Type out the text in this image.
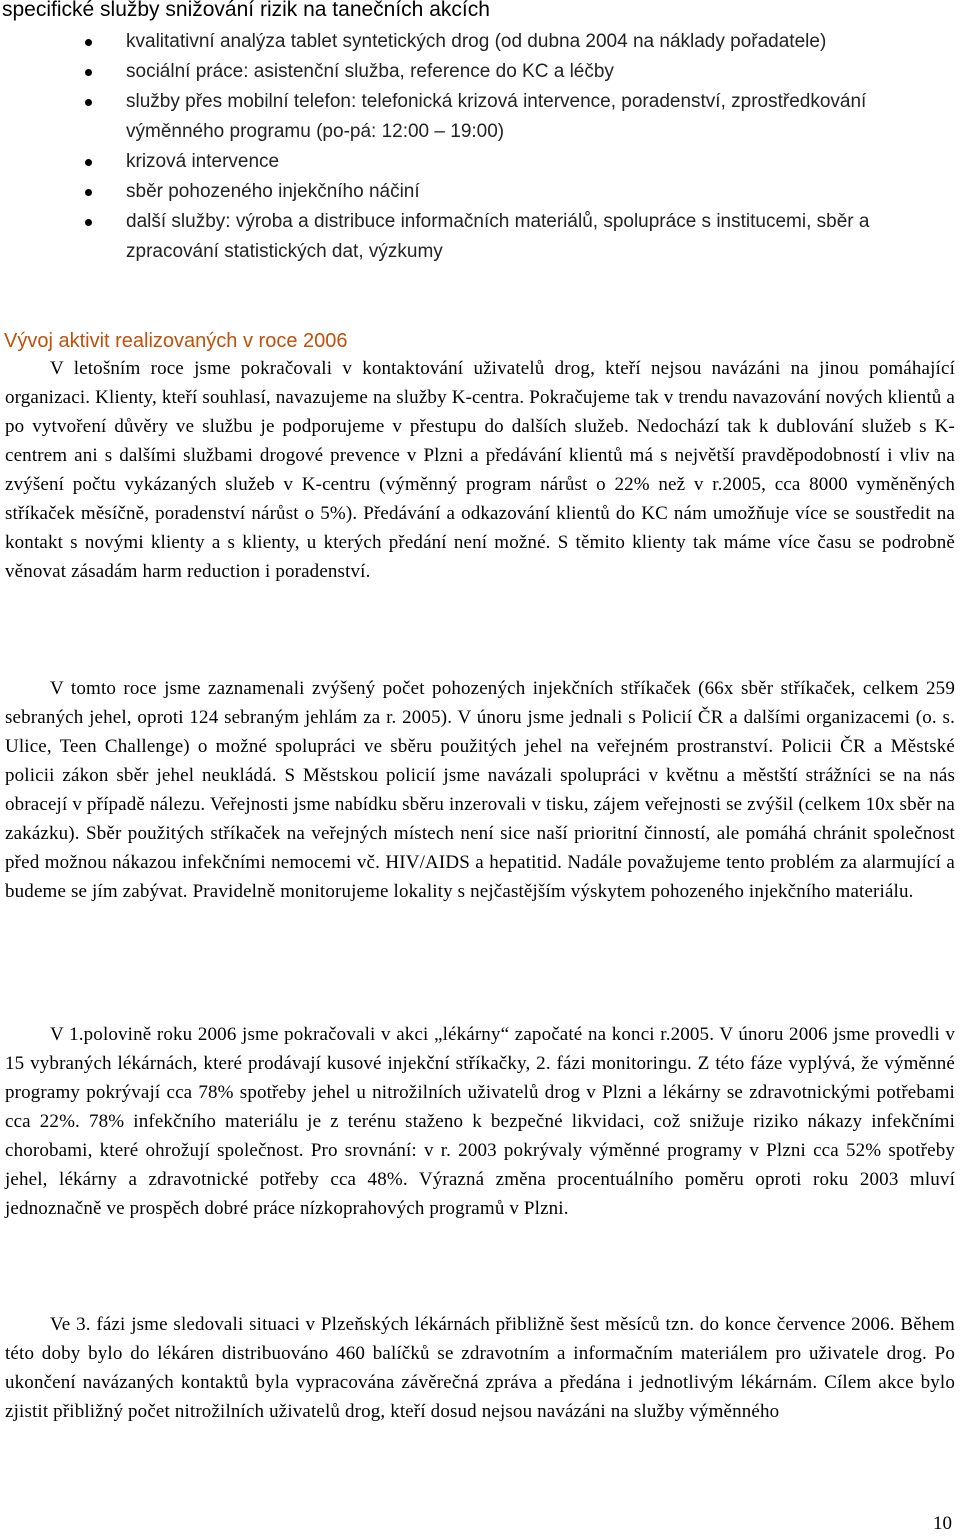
specifické služby snižování rizik na tanečních akcích
kvalitativní analýza tablet syntetických drog (od dubna 2004 na náklady pořadatele)
sociální práce: asistenční služba, reference do KC a léčby
služby přes mobilní telefon: telefonická krizová intervence, poradenství, zprostředkování výměnného programu (po-pá: 12:00 – 19:00)
krizová intervence
sběr pohozeného injekčního náčiní
další služby: výroba a distribuce informačních materiálů, spolupráce s institucemi, sběr a zpracování statistických dat, výzkumy
Vývoj aktivit realizovaných v roce 2006

V letošním roce jsme pokračovali v kontaktování uživatelů drog, kteří nejsou navázáni na jinou pomáhající organizaci. Klienty, kteří souhlasí, navazujeme na služby K-centra. Pokračujeme tak v trendu navazování nových klientů a po vytvoření důvěry ve službu je podporujeme v přestupu do dalších služeb. Nedochází tak k dublování služeb s K-centrem ani s dalšími službami drogové prevence v Plzni a předávání klientů má s největší pravděpodobností i vliv na zvýšení počtu vykázaných služeb v K-centru (výměnný program nárůst o 22% než v r.2005, cca 8000 vyměněných stříkaček měsíčně, poradenství nárůst o 5%). Předávání a odkazování klientů do KC nám umožňuje více se soustředit na kontakt s novými klienty a s klienty, u kterých předání není možné. S těmito klienty tak máme více času se podrobně věnovat zásadám harm reduction i poradenství.

V tomto roce jsme zaznamenali zvýšený počet pohozených injekčních stříkaček (66x sběr stříkaček, celkem 259 sebraných jehel, oproti 124 sebraným jehlám za r. 2005). V únoru jsme jednali s Policií ČR a dalšími organizacemi (o. s. Ulice, Teen Challenge) o možné spolupráci ve sběru použitých jehel na veřejném prostranství. Policii ČR a Městské policii zákon sběr jehel neukládá. S Městskou policií jsme navázali spolupráci v květnu a městští strážníci se na nás obracejí v případě nálezu. Veřejnosti jsme nabídku sběru inzerovali v tisku, zájem veřejnosti se zvýšil (celkem 10x sběr na zakázku). Sběr použitých stříkaček na veřejných místech není sice naší prioritní činností, ale pomáhá chránit společnost před možnou nákazou infekčními nemocemi vč. HIV/AIDS a hepatitid. Nadále považujeme tento problém za alarmující a budeme se jím zabývat. Pravidelně monitorujeme lokality s nejčastějším výskytem pohozeného injekčního materiálu.

V 1.polovině roku 2006 jsme pokračovali v akci „lékárny“ započaté na konci r.2005. V únoru 2006 jsme provedli v 15 vybraných lékárnách, které prodávají kusové injekční stříkačky, 2. fázi monitoringu. Z této fáze vyplývá, že výměnné programy pokrývají cca 78% spotřeby jehel u nitrožilních uživatelů drog v Plzni a lékárny se zdravotnickými potřebami cca 22%. 78% infekčního materiálu je z terénu staženo k bezpečné likvidaci, což snižuje riziko nákazy infekčními chorobami, které ohrožují společnost. Pro srovnání: v r. 2003 pokrývaly výměnné programy v Plzni cca 52% spotřeby jehel, lékárny a zdravotnické potřeby cca 48%. Výrazná změna procentuálního poměru oproti roku 2003 mluví jednoznačně ve prospěch dobré práce nízkoprahových programů v Plzni.

Ve 3. fázi jsme sledovali situaci v Plzeňských lékárnách přibližně šest měsíců tzn. do konce července 2006. Během této doby bylo do lékáren distribuováno 460 balíčků se zdravotním a informačním materiálem pro uživatele drog. Po ukončení navázaných kontaktů byla vypracována závěrečná zpráva a předána i jednotlivým lékárnám. Cílem akce bylo zjistit přibližný počet nitrožilních uživatelů drog, kteří dosud nejsou navázáni na služby výměnného

10
